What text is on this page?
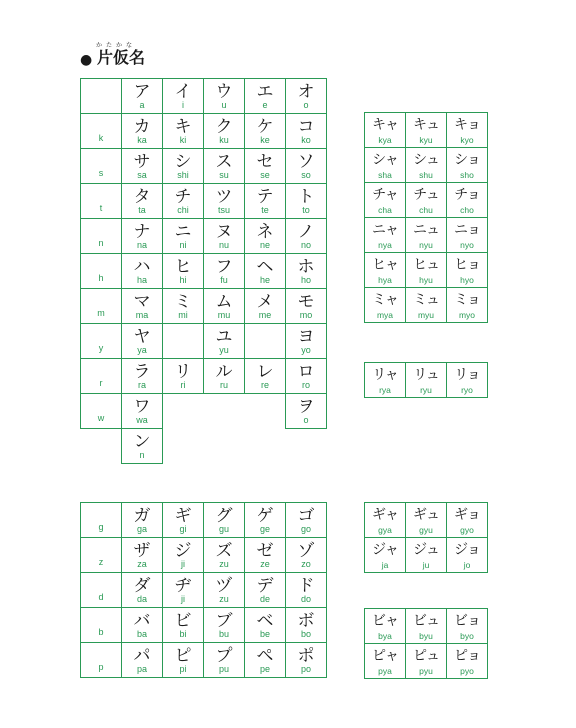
●
かたかな
片仮名
ア
a
イ
i
ウ
u
エ
e
オ
o
k
カ
ka
キ
ki
ク
ku
ケ
ke
コ
ko
s
サ
sa
シ
shi
ス
su
セ
se
ソ
so
t
タ
ta
チ
chi
ツ
tsu
テ
te
ト
to
n
ナ
na
ニ
ni
ヌ
nu
ネ
ne
ノ
no
h
ハ
ha
ヒ
hi
フ
fu
ヘ
he
ホ
ho
m
マ
ma
ミ
mi
ム
mu
メ
me
モ
mo
y
ヤ
ya
ユ
yu
ヨ
yo
r
ラ
ra
リ
ri
ル
ru
レ
re
ロ
ro
w
ワ
wa
ヲ
o
ン
n
キャ
kya
キュ
kyu
キョ
kyo
シャ
sha
シュ
shu
ショ
sho
チャ
cha
チュ
chu
チョ
cho
ニャ
nya
ニュ
nyu
ニョ
nyo
ヒャ
hya
ヒュ
hyu
ヒョ
hyo
ミャ
mya
ミュ
myu
ミョ
myo
リャ
rya
リュ
ryu
リョ
ryo
g
ガ
ga
ギ
gi
グ
gu
ゲ
ge
ゴ
go
z
ザ
za
ジ
ji
ズ
zu
ゼ
ze
ゾ
zo
d
ダ
da
ヂ
ji
ヅ
zu
デ
de
ド
do
b
バ
ba
ビ
bi
ブ
bu
ベ
be
ボ
bo
p
パ
pa
ピ
pi
プ
pu
ペ
pe
ポ
po
ギャ
gya
ギュ
gyu
ギョ
gyo
ジャ
ja
ジュ
ju
ジョ
jo
ビャ
bya
ビュ
byu
ビョ
byo
ピャ
pya
ピュ
pyu
ピョ
pyo
